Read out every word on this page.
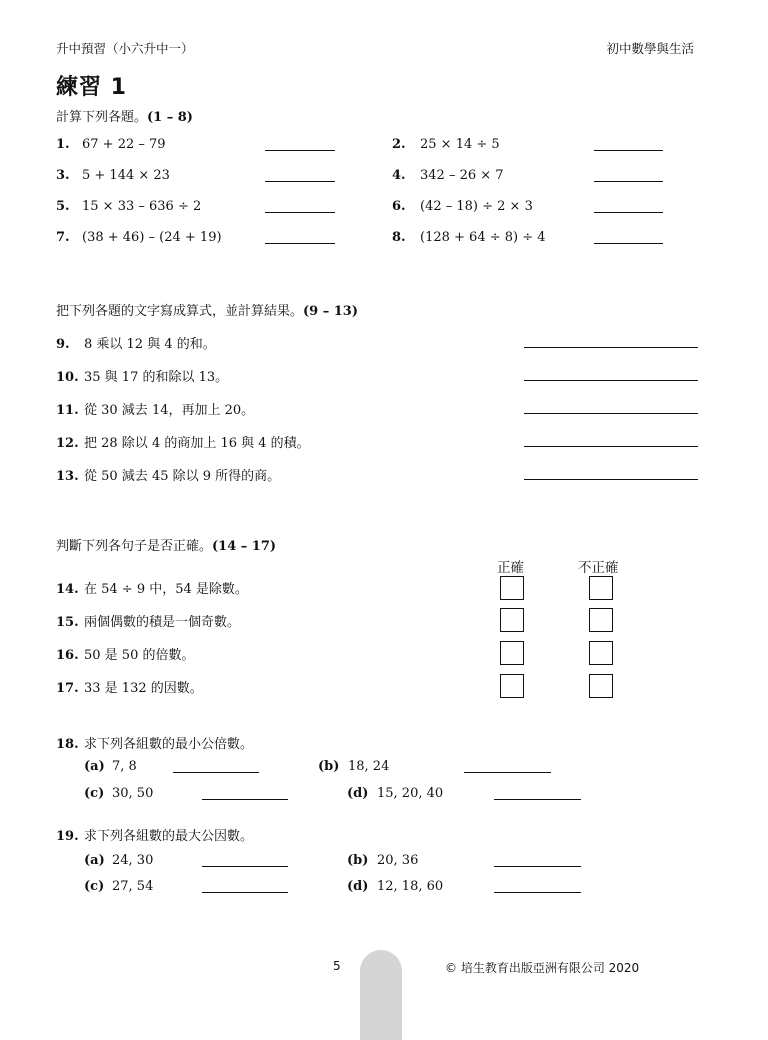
升中預習（小六升中一）	初中數學與生活
練習 1
計算下列各題。(1 – 8)
1. 67 + 22 – 79	2. 25 × 14 ÷ 5
3. 5 + 144 × 23	4. 342 – 26 × 7
5. 15 × 33 – 636 ÷ 2	6. (42 – 18) ÷ 2 × 3
7. (38 + 46) – (24 + 19)	8. (128 + 64 ÷ 8) ÷ 4
把下列各題的文字寫成算式，並計算結果。(9 – 13)
9. 8 乘以 12 與 4 的和。
10. 35 與 17 的和除以 13。
11. 從 30 減去 14，再加上 20。
12. 把 28 除以 4 的商加上 16 與 4 的積。
13. 從 50 減去 45 除以 9 所得的商。
判斷下列各句子是否正確。(14 – 17)
正確	不正確
14. 在 54 ÷ 9 中，54 是除數。
15. 兩個偶數的積是一個奇數。
16. 50 是 50 的倍數。
17. 33 是 132 的因數。
18. 求下列各組數的最小公倍數。
(a) 7, 8	(b) 18, 24
(c) 30, 50	(d) 15, 20, 40
19. 求下列各組數的最大公因數。
(a) 24, 30	(b) 20, 36
(c) 27, 54	(d) 12, 18, 60
5	© 培生教育出版亞洲有限公司 2020
